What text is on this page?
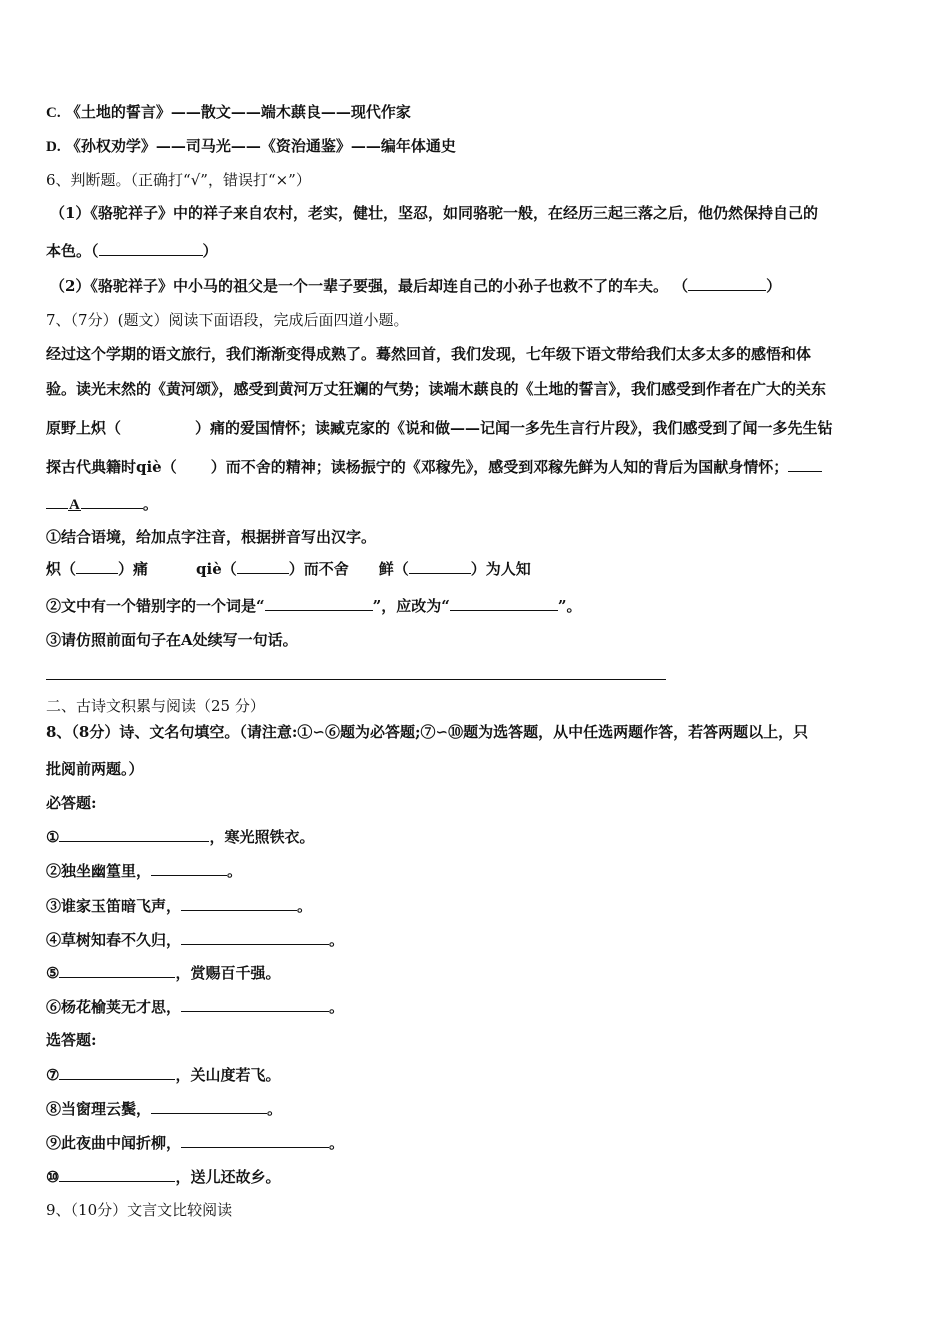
C. 《土地的誓言》——散文——端木蕻良——现代作家
D. 《孙权劝学》——司马光——《资治通鉴》——编年体通史
6、判断题。（正确打“√”，错误打“×”）
（1）《骆驼祥子》中的祥子来自农村，老实，健壮，坚忍，如同骆驼一般，在经历三起三落之后，他仍然保持自己的
本色。（	）
（2）《骆驼祥子》中小马的祖父是一个一辈子要强，最后却连自己的小孙子也救不了的车夫。 （	）
7、（7分）(题文）阅读下面语段，完成后面四道小题。
经过这个学期的语文旅行，我们渐渐变得成熟了。蓦然回首，我们发现，七年级下语文带给我们太多太多的感悟和体
验。读光末然的《黄河颂》，感受到黄河万丈狂斓的气势；读端木蕻良的《土地的誓言》，我们感受到作者在广大的关东
原野上炽（	）痛的爱国情怀；读臧克家的《说和做——记闻一多先生言行片段》，我们感受到了闻一多先生钻
探古代典籍时qiè（ ）而不舍的精神；读杨振宁的《邓稼先》，感受到邓稼先鲜为人知的背后为国献身情怀；
A	。
①结合语境，给加点字注音，根据拼音写出汉字。
炽（	）痛	qiè（	）而不舍 鲜（	）为人知
②文中有一个错别字的一个词是“	”，应改为“	”。
③请仿照前面句子在A处续写一句话。
二、古诗文积累与阅读（25 分）
8、（8分）诗、文名句填空。（请注意:①∽⑥题为必答题;⑦∽⑩题为选答题，从中任选两题作答，若答两题以上，只
批阅前两题。）
必答题:
①	，寒光照铁衣。
②独坐幽篁里，	。
③谁家玉笛暗飞声，	。
④草树知春不久归，	。
⑤	，赏赐百千强。
⑥杨花榆荚无才思，	。
选答题:
⑦	，关山度若飞。
⑧当窗理云鬓，	。
⑨此夜曲中闻折柳，	。
⑩	，送儿还故乡。
9、（10分）文言文比较阅读
